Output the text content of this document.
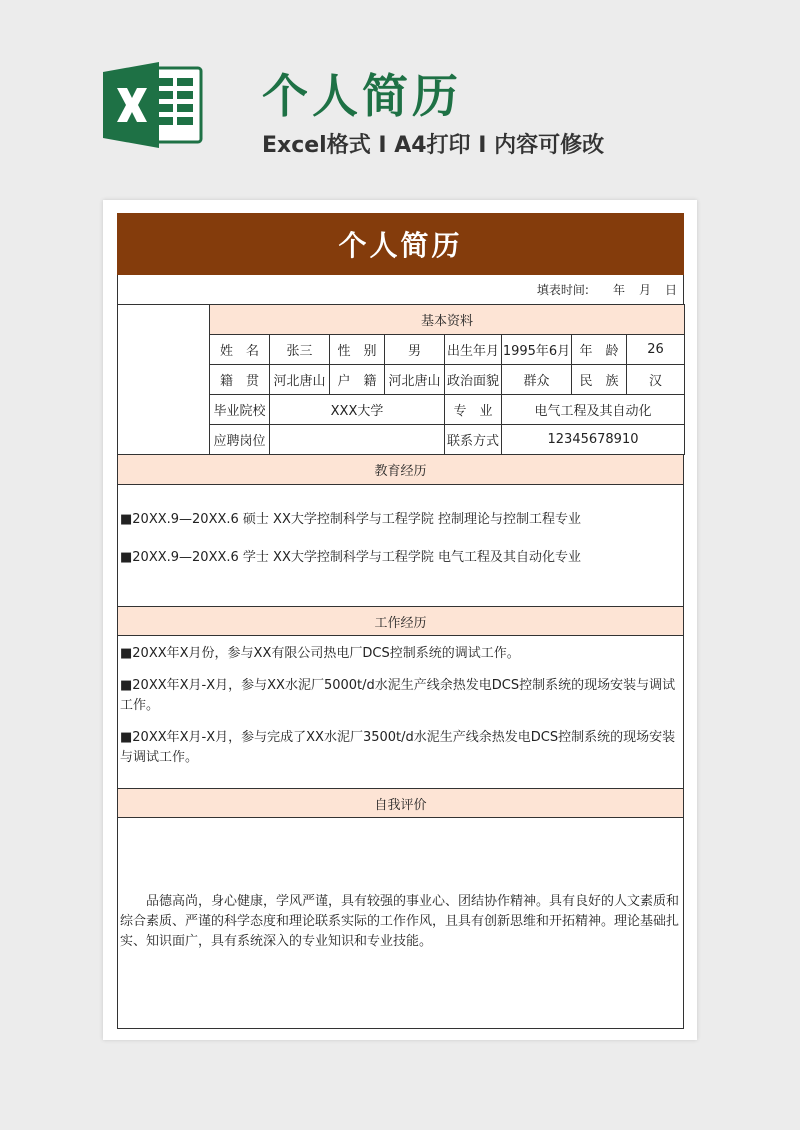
个人简历
Excel格式 Ⅰ A4打印 Ⅰ 内容可修改
个人简历
填表时间: 年 月 日
	基本资料							
	姓　名	张三	性　别	男	出生年月	1995年6月	年　龄	26
	籍　贯	河北唐山	户　籍	河北唐山	政治面貌	群众	民　族	汉
	毕业院校	XXX大学			专　业	电气工程及其自动化		
	应聘岗位				联系方式	12345678910		
教育经历

■20XX.9—20XX.6 硕士 XX大学控制科学与工程学院 控制理论与控制工程专业

■20XX.9—20XX.6 学士 XX大学控制科学与工程学院 电气工程及其自动化专业

工作经历

■20XX年X月份，参与XX有限公司热电厂DCS控制系统的调试工作。

■20XX年X月-X月，参与XX水泥厂5000t/d水泥生产线余热发电DCS控制系统的现场安装与调试工作。

■20XX年X月-X月，参与完成了XX水泥厂3500t/d水泥生产线余热发电DCS控制系统的现场安装与调试工作。

自我评价
品德高尚，身心健康，学风严谨，具有较强的事业心、团结协作精神。具有良好的人文素质和综合素质、严谨的科学态度和理论联系实际的工作作风，且具有创新思维和开拓精神。理论基础扎实、知识面广，具有系统深入的专业知识和专业技能。
